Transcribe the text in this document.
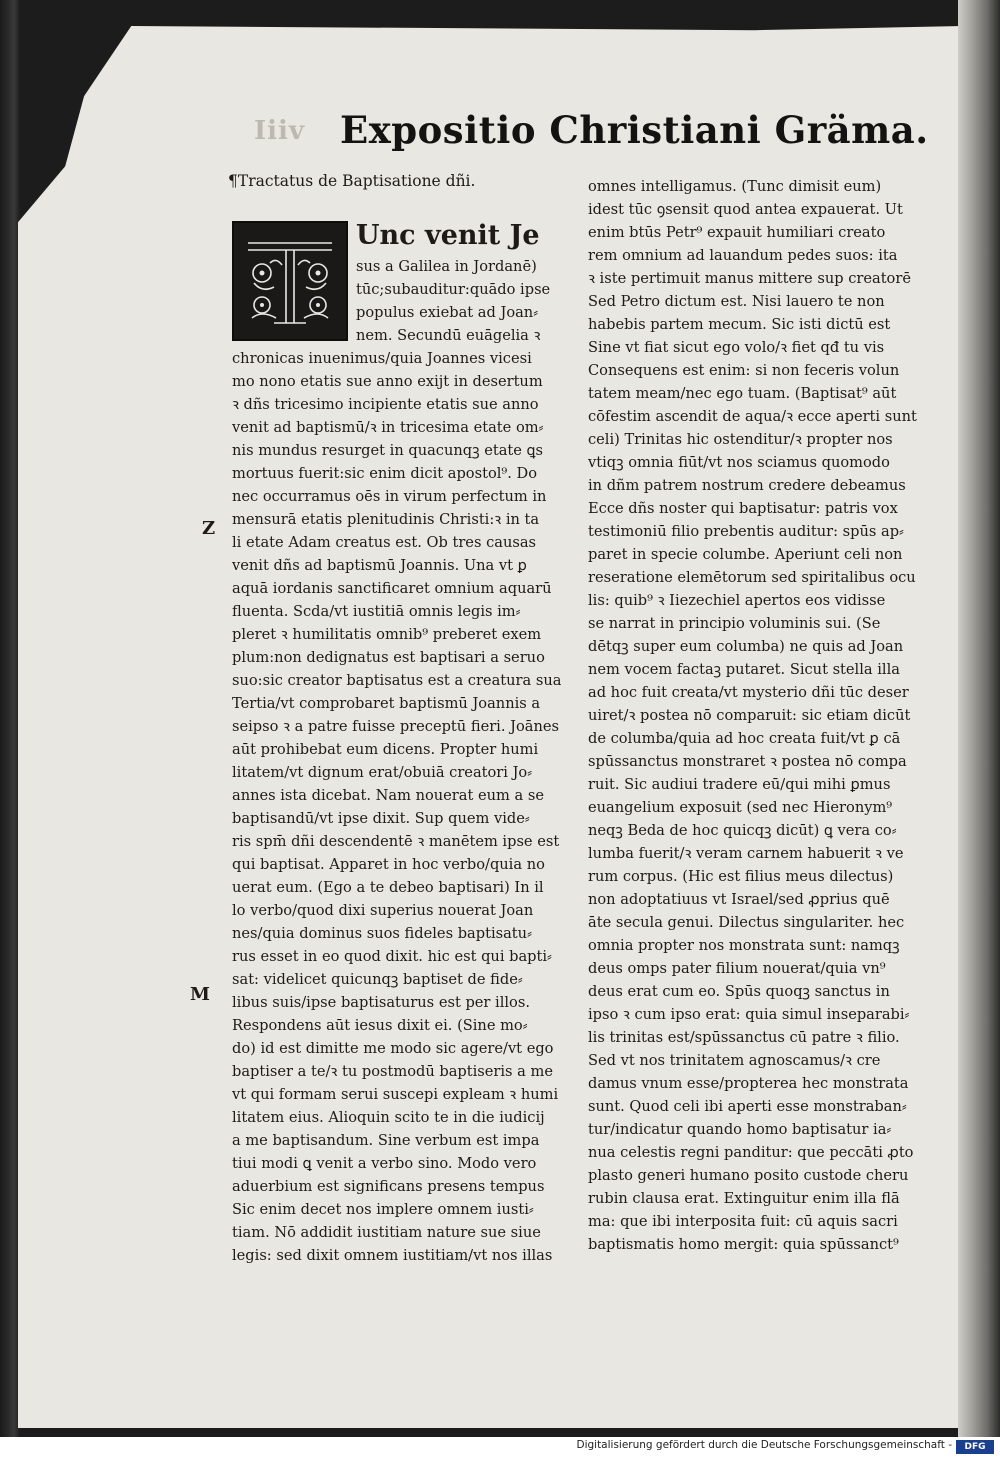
Iiiv Expositio Christiani Gräma.
¶Tractatus de Baptisatione dñi.
Unc venit Je
sus a Galilea in Jordanē)
tūc;subauditur:quādo ipse
populus exiebat ad Joan⸗
nem. Secundū euāgelia ꝛ
chronicas inuenimus/quia Joannes vicesi
mo nono etatis sue anno exijt in desertum
ꝛ dñs tricesimo incipiente etatis sue anno
venit ad baptismū/ꝛ in tricesima etate om⸗
nis mundus resurget in quacunqꝫ etate ꝗs
mortuus fuerit:sic enim dicit apostol⁹. Do
nec occurramus oēs in virum perfectum in
mensurā etatis plenitudinis Christi:ꝛ in ta
li etate Adam creatus est. Ob tres causas
venit dñs ad baptismū Joannis. Una vt ꝑ
aquā iordanis sanctificaret omnium aquarū
fluenta. Scda/vt iustitiā omnis legis im⸗
pleret ꝛ humilitatis omnib⁹ preberet exem
plum:non dedignatus est baptisari a seruo
suo:sic creator baptisatus est a creatura sua
Tertia/vt comprobaret baptismū Joannis a
seipso ꝛ a patre fuisse preceptū fieri. Joānes
aūt prohibebat eum dicens. Propter humi
litatem/vt dignum erat/obuiā creatori Jo⸗
annes ista dicebat. Nam nouerat eum a se
baptisandū/vt ipse dixit. Sup quem vide⸗
ris spm̄ dñi descendentē ꝛ manētem ipse est
qui baptisat. Apparet in hoc verbo/quia no
uerat eum. (Ego a te debeo baptisari) In il
lo verbo/quod dixi superius nouerat Joan
nes/quia dominus suos fideles baptisatu⸗
rus esset in eo quod dixit. hic est qui bapti⸗
sat: videlicet quicunqꝫ baptiset de fide⸗
libus suis/ipse baptisaturus est per illos.
Respondens aūt iesus dixit ei. (Sine mo⸗
do) id est dimitte me modo sic agere/vt ego
baptiser a te/ꝛ tu postmodū baptiseris a me
vt qui formam serui suscepi expleam ꝛ humi
litatem eius. Alioquin scito te in die iudicij
a me baptisandum. Sine verbum est impa
tiui modi ꝗ venit a verbo sino. Modo vero
aduerbium est significans presens tempus
Sic enim decet nos implere omnem iusti⸗
tiam. Nō addidit iustitiam nature sue siue
legis: sed dixit omnem iustitiam/vt nos illas
Z
M
omnes intelligamus. (Tunc dimisit eum)
idest tūc ꝯsensit quod antea expauerat. Ut
enim btūs Petr⁹ expauit humiliari creato
rem omnium ad lauandum pedes suos: ita
ꝛ iste pertimuit manus mittere sup creatorē
Sed Petro dictum est. Nisi lauero te non
habebis partem mecum. Sic isti dictū est
Sine vt fiat sicut ego volo/ꝛ fiet qđ tu vis
Consequens est enim: si non feceris volun
tatem meam/nec ego tuam. (Baptisat⁹ aūt
cōfestim ascendit de aqua/ꝛ ecce aperti sunt
celi) Trinitas hic ostenditur/ꝛ propter nos
vtiqꝫ omnia fiūt/vt nos sciamus quomodo
in dñm patrem nostrum credere debeamus
Ecce dñs noster qui baptisatur: patris vox
testimoniū filio prebentis auditur: spūs ap⸗
paret in specie columbe. Aperiunt celi non
reseratione elemētorum sed spiritalibus ocu
lis: quib⁹ ꝛ Iiezechiel apertos eos vidisse
se narrat in principio voluminis sui. (Se
dētqꝫ super eum columba) ne quis ad Joan
nem vocem factaꝫ putaret. Sicut stella illa
ad hoc fuit creata/vt mysterio dñi tūc deser
uiret/ꝛ postea nō comparuit: sic etiam dicūt
de columba/quia ad hoc creata fuit/vt ꝑ cā
spūssanctus monstraret ꝛ postea nō compa
ruit. Sic audiui tradere eū/qui mihi ꝑmus
euangelium exposuit (sed nec Hieronym⁹
neqꝫ Beda de hoc quicqꝫ dicūt) ꝗ vera co⸗
lumba fuerit/ꝛ veram carnem habuerit ꝛ ve
rum corpus. (Hic est filius meus dilectus)
non adoptatiuus vt Israel/sed ꝓprius quē
āte secula genui. Dilectus singulariter. hec
omnia propter nos monstrata sunt: namqꝫ
deus omps pater filium nouerat/quia vn⁹
deus erat cum eo. Spūs quoqꝫ sanctus in
ipso ꝛ cum ipso erat: quia simul inseparabi⸗
lis trinitas est/spūssanctus cū patre ꝛ filio.
Sed vt nos trinitatem agnoscamus/ꝛ cre
damus vnum esse/propterea hec monstrata
sunt. Quod celi ibi aperti esse monstraban⸗
tur/indicatur quando homo baptisatur ia⸗
nua celestis regni panditur: que peccāti ꝓto
plasto generi humano posito custode cheru
rubin clausa erat. Extinguitur enim illa flā
ma: que ibi interposita fuit: cū aquis sacri
baptismatis homo mergit: quia spūssanct⁹
Digitalisierung gefördert durch die Deutsche Forschungsgemeinschaft -	DFG
